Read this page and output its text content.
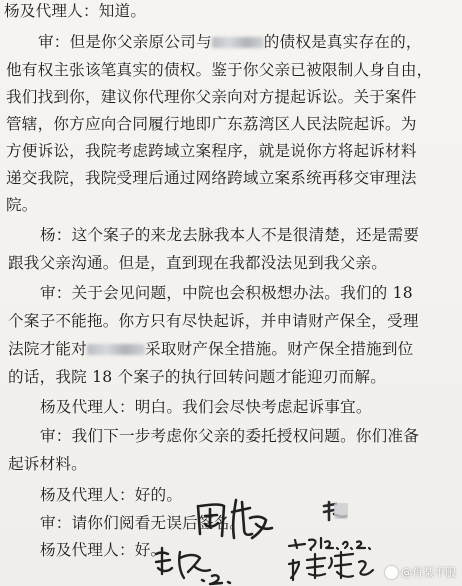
杨及代理人：知道。
审：但是你父亲原公司与	的债权是真实存在的，
他有权主张该笔真实的债权。鉴于你父亲已被限制人身自由，
我们找到你，建议你代理你父亲向对方提起诉讼。关于案件
管辖，你方应向合同履行地即广东荔湾区人民法院起诉。为
方便诉讼，我院考虑跨域立案程序，就是说你方将起诉材料
递交我院，我院受理后通过网络跨域立案系统再移交审理法
院。
杨：这个案子的来龙去脉我本人不是很清楚，还是需要
跟我父亲沟通。但是，直到现在我都没法见到我父亲。
审：关于会见问题，中院也会积极想办法。我们的 18
个案子不能拖。你方只有尽快起诉，并申请财产保全，受理
法院才能对	采取财产保全措施。财产保全措施到位
的话，我院 18 个案子的执行回转问题才能迎刃而解。
杨及代理人：明白。我们会尽快考虑起诉事宜。
审：我们下一步考虑你父亲的委托授权问题。你们准备
起诉材料。
杨及代理人：好的。
审：请你们阅看无误后签名。
杨及代理人：好。
@肖某不服
